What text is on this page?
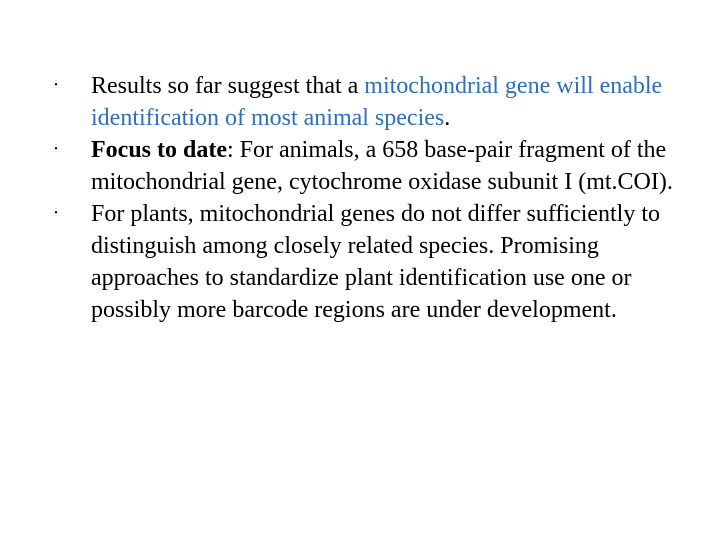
• Results so far suggest that a mitochondrial gene will enable identification of most animal species.
• Focus to date: For animals, a 658 base-pair fragment of the mitochondrial gene, cytochrome oxidase subunit I (mt.COI).
• For plants, mitochondrial genes do not differ sufficiently to distinguish among closely related species. Promising approaches to standardize plant identification use one or possibly more barcode regions are under development.
